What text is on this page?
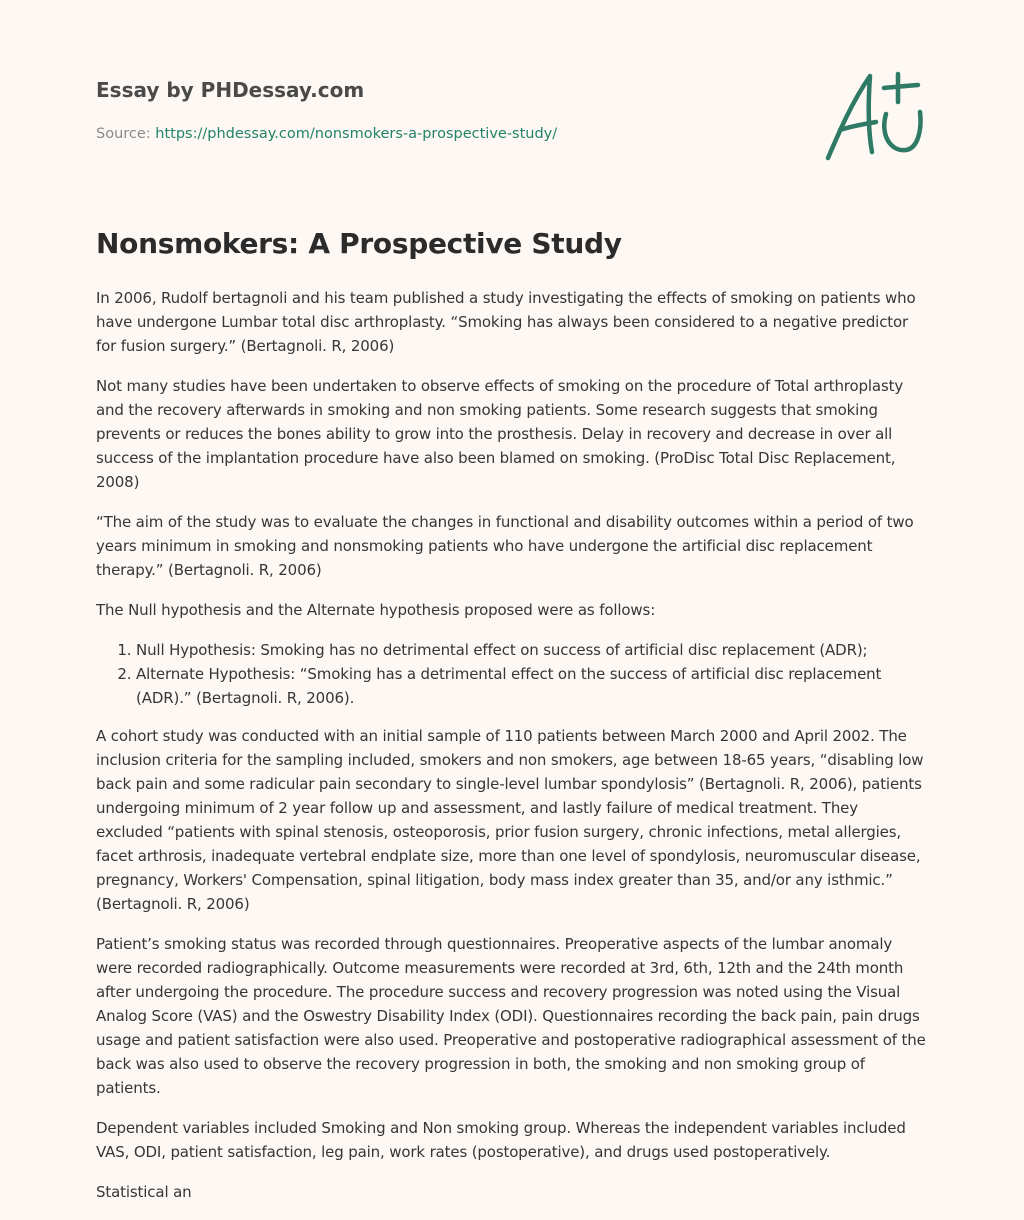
Essay by PHDessay.com
Source: https://phdessay.com/nonsmokers-a-prospective-study/
Nonsmokers: A Prospective Study

In 2006, Rudolf bertagnoli and his team published a study investigating the effects of smoking on patients who have undergone Lumbar total disc arthroplasty. “Smoking has always been considered to a negative predictor for fusion surgery.” (Bertagnoli. R, 2006)

Not many studies have been undertaken to observe effects of smoking on the procedure of Total arthroplasty and the recovery afterwards in smoking and non smoking patients. Some research suggests that smoking prevents or reduces the bones ability to grow into the prosthesis. Delay in recovery and decrease in over all success of the implantation procedure have also been blamed on smoking. (ProDisc Total Disc Replacement, 2008)

“The aim of the study was to evaluate the changes in functional and disability outcomes within a period of two years minimum in smoking and nonsmoking patients who have undergone the artificial disc replacement therapy.” (Bertagnoli. R, 2006)

The Null hypothesis and the Alternate hypothesis proposed were as follows:

1. Null Hypothesis: Smoking has no detrimental effect on success of artificial disc replacement (ADR);
2. Alternate Hypothesis: “Smoking has a detrimental effect on the success of artificial disc replacement (ADR).” (Bertagnoli. R, 2006).

A cohort study was conducted with an initial sample of 110 patients between March 2000 and April 2002. The inclusion criteria for the sampling included, smokers and non smokers, age between 18-65 years, “disabling low back pain and some radicular pain secondary to single-level lumbar spondylosis” (Bertagnoli. R, 2006), patients undergoing minimum of 2 year follow up and assessment, and lastly failure of medical treatment. They excluded “patients with spinal stenosis, osteoporosis, prior fusion surgery, chronic infections, metal allergies, facet arthrosis, inadequate vertebral endplate size, more than one level of spondylosis, neuromuscular disease, pregnancy, Workers' Compensation, spinal litigation, body mass index greater than 35, and/or any isthmic.” (Bertagnoli. R, 2006)

Patient’s smoking status was recorded through questionnaires. Preoperative aspects of the lumbar anomaly were recorded radiographically. Outcome measurements were recorded at 3rd, 6th, 12th and the 24th month after undergoing the procedure. The procedure success and recovery progression was noted using the Visual Analog Score (VAS) and the Oswestry Disability Index (ODI). Questionnaires recording the back pain, pain drugs usage and patient satisfaction were also used. Preoperative and postoperative radiographical assessment of the back was also used to observe the recovery progression in both, the smoking and non smoking group of patients.

Dependent variables included Smoking and Non smoking group. Whereas the independent variables included VAS, ODI, patient satisfaction, leg pain, work rates (postoperative), and drugs used postoperatively.

Statistical an
